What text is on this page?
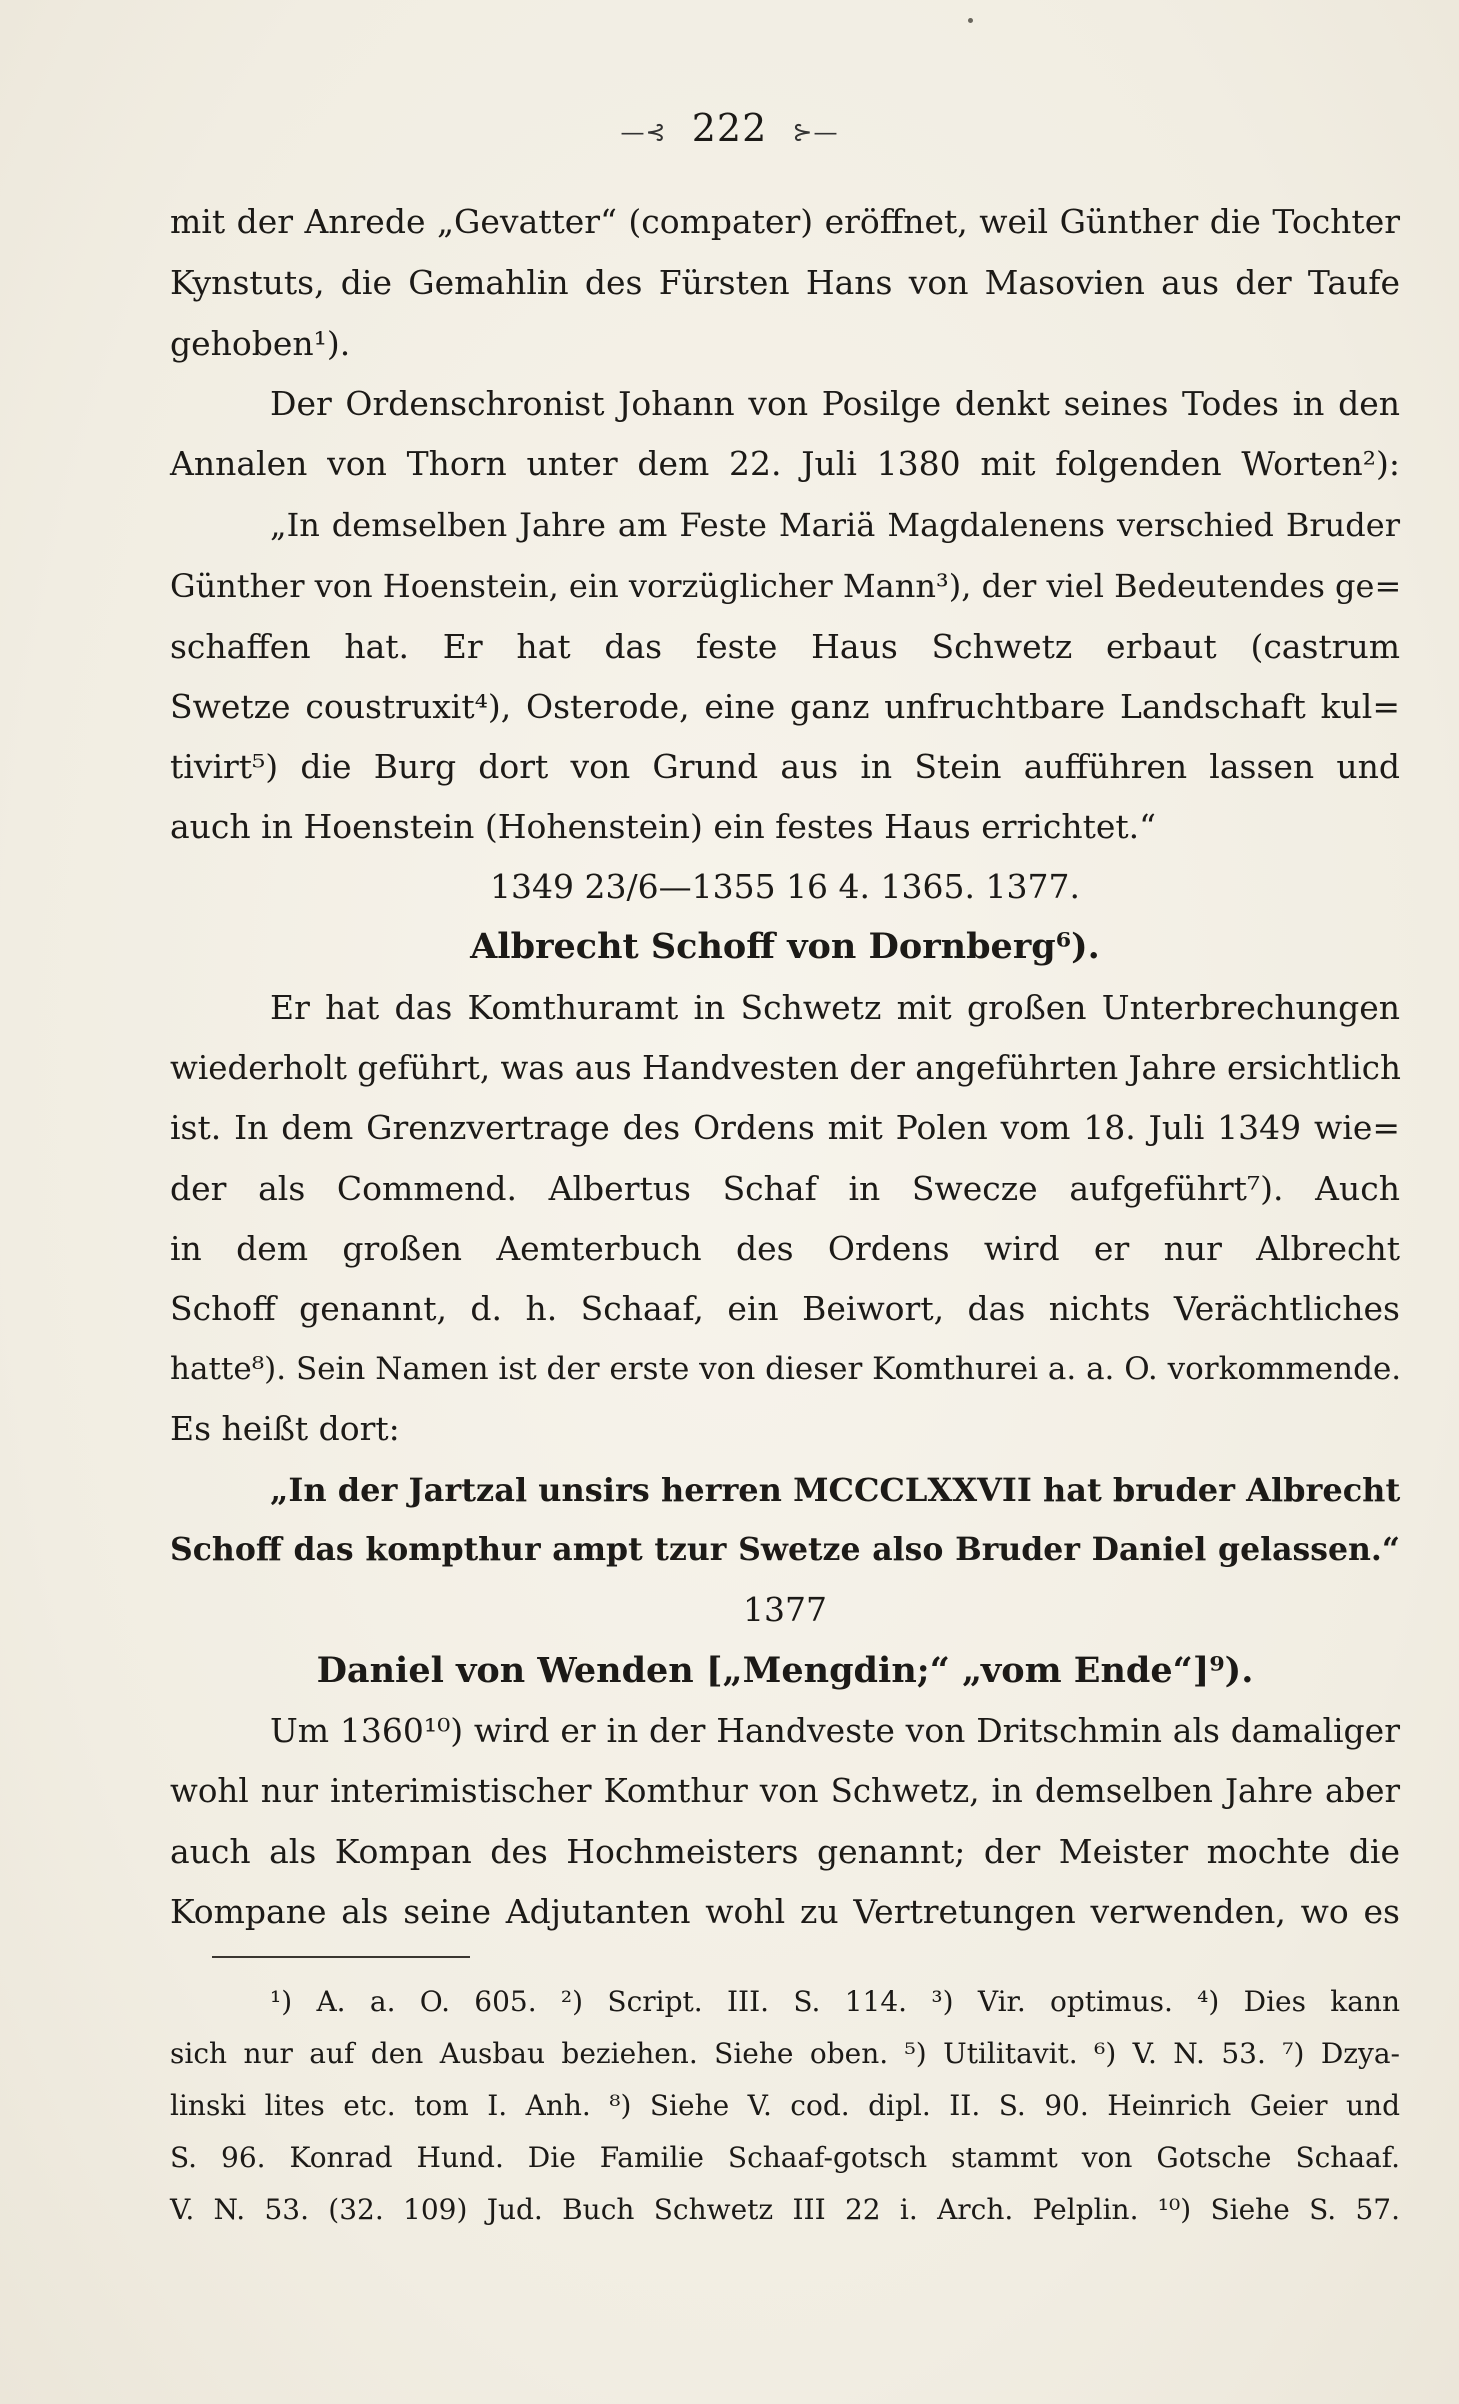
—⊰ 222 ⊱—
mit der Anrede „Gevatter“ (compater) eröffnet, weil Günther die Tochter
Kynstuts, die Gemahlin des Fürsten Hans von Masovien aus der Taufe
gehoben¹).
Der Ordenschronist Johann von Posilge denkt seines Todes in den
Annalen von Thorn unter dem 22. Juli 1380 mit folgenden Worten²):
„In demselben Jahre am Feste Mariä Magdalenens verschied Bruder
Günther von Hoenstein, ein vorzüglicher Mann³), der viel Bedeutendes ge=
schaffen hat. Er hat das feste Haus Schwetz erbaut (castrum
Swetze coustruxit⁴), Osterode, eine ganz unfruchtbare Landschaft kul=
tivirt⁵) die Burg dort von Grund aus in Stein aufführen lassen und
auch in Hoenstein (Hohenstein) ein festes Haus errichtet.“
1349 23/6—1355 16 4. 1365. 1377.
Albrecht Schoff von Dornberg⁶).
Er hat das Komthuramt in Schwetz mit großen Unterbrechungen
wiederholt geführt, was aus Handvesten der angeführten Jahre ersichtlich
ist. In dem Grenzvertrage des Ordens mit Polen vom 18. Juli 1349 wie=
der als Commend. Albertus Schaf in Swecze aufgeführt⁷). Auch
in dem großen Aemterbuch des Ordens wird er nur Albrecht
Schoff genannt, d. h. Schaaf, ein Beiwort, das nichts Verächtliches
hatte⁸). Sein Namen ist der erste von dieser Komthurei a. a. O. vorkommende.
Es heißt dort:
„In der Jartzal unsirs herren MCCCLXXVII hat bruder Albrecht
Schoff das kompthur ampt tzur Swetze also Bruder Daniel gelassen.“
1377
Daniel von Wenden [„Mengdin;“ „vom Ende“]⁹).
Um 1360¹⁰) wird er in der Handveste von Dritschmin als damaliger
wohl nur interimistischer Komthur von Schwetz, in demselben Jahre aber
auch als Kompan des Hochmeisters genannt; der Meister mochte die
Kompane als seine Adjutanten wohl zu Vertretungen verwenden, wo es
¹) A. a. O. 605. ²) Script. III. S. 114. ³) Vir. optimus. ⁴) Dies kann
sich nur auf den Ausbau beziehen. Siehe oben. ⁵) Utilitavit. ⁶) V. N. 53. ⁷) Dzya-
linski lites etc. tom I. Anh. ⁸) Siehe V. cod. dipl. II. S. 90. Heinrich Geier und
S. 96. Konrad Hund. Die Familie Schaaf-gotsch stammt von Gotsche Schaaf.
V. N. 53. (32. 109) Jud. Buch Schwetz III 22 i. Arch. Pelplin. ¹⁰) Siehe S. 57.
